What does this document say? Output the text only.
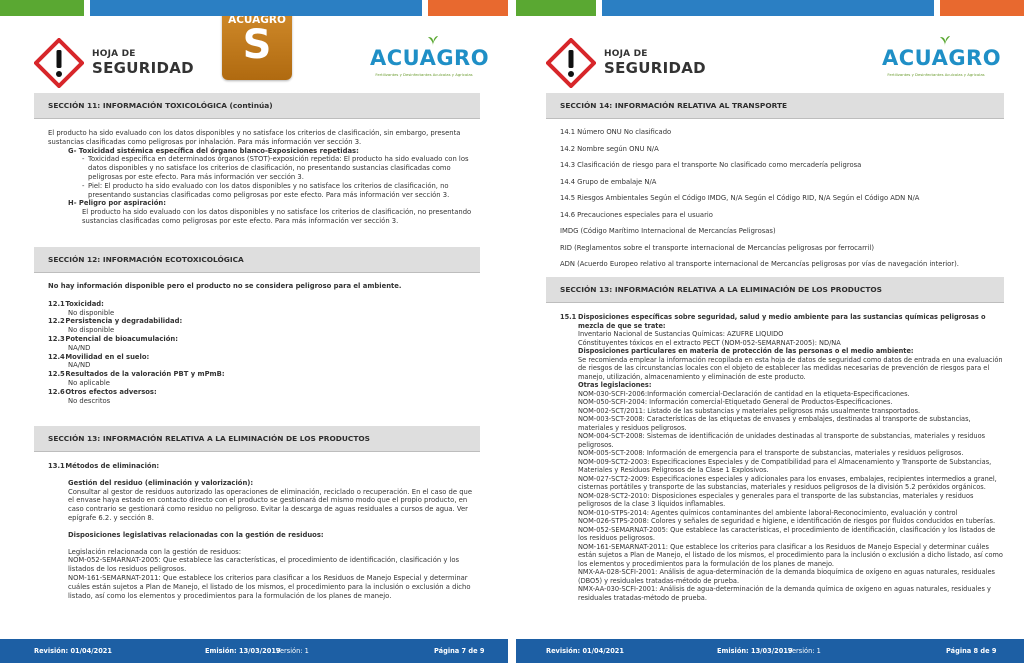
HOJA DE
SEGURIDAD
ACUAGRO
S	ACUAGRO
Fertilizantes y Desinfectantes Acuícolas y Agrícolas
SECCIÓN 11: INFORMACIÓN TOXICOLÓGICA (continúa)

El producto ha sido evaluado con los datos disponibles y no satisface los criterios de clasificación, sin embargo, presenta sustancias clasificadas como peligrosas por inhalación. Para más información ver sección 3.

G- Toxicidad sistémica específica del órgano blanco-Exposiciones repetidas:

- Toxicidad específica en determinados órganos (STOT)-exposición repetida: El producto ha sido evaluado con los datos disponibles y no satisface los criterios de clasificación, no presentando sustancias clasificadas como peligrosas por este efecto. Para más información ver sección 3.

- Piel: El producto ha sido evaluado con los datos disponibles y no satisface los criterios de clasificación, no presentando sustancias clasificadas como peligrosas por este efecto. Para más información ver sección 3.

H- Peligro por aspiración:

El producto ha sido evaluado con los datos disponibles y no satisface los criterios de clasificación, no presentando sustancias clasificadas como peligrosas por este efecto. Para más información ver sección 3.

SECCIÓN 12: INFORMACIÓN ECOTOXICOLÓGICA

No hay información disponible pero el producto no se considera peligroso para el ambiente.

12.1 Toxicidad:

No disponible

12.2 Persistencia y degradabilidad:

No disponible

12.3 Potencial de bioacumulación:

NA/ND

12.4 Movilidad en el suelo:

NA/ND

12.5 Resultados de la valoración PBT y mPmB:

No aplicable

12.6 Otros efectos adversos:

No descritos

SECCIÓN 13: INFORMACIÓN RELATIVA A LA ELIMINACIÓN DE LOS PRODUCTOS

13.1 Métodos de eliminación:

Gestión del residuo (eliminación y valorización):

Consultar al gestor de residuos autorizado las operaciones de eliminación, reciclado o recuperación. En el caso de que el envase haya estado en contacto directo con el producto se gestionará del mismo modo que el propio producto, en caso contrario se gestionará como residuo no peligroso. Evitar la descarga de aguas residuales a cursos de agua. Ver epígrafe 6.2. y sección 8.

Disposiciones legislativas relacionadas con la gestión de residuos:

Legislación relacionada con la gestión de residuos:

NOM-052-SEMARNAT-2005: Que establece las características, el procedimiento de identificación, clasificación y los listados de los residuos peligrosos.

NOM-161-SEMARNAT-2011: Que establece los criterios para clasificar a los Residuos de Manejo Especial y determinar cuáles están sujetos a Plan de Manejo, el listado de los mismos, el procedimiento para la inclusión o exclusión a dicho listado, así como los elementos y procedimientos para la formulación de los planes de manejo.

HOJA DE
SEGURIDAD	ACUAGRO
Fertilizantes y Desinfectantes Acuícolas y Agrícolas
SECCIÓN 14: INFORMACIÓN RELATIVA AL TRANSPORTE

14.1 Número ONU No clasificado

14.2 Nombre según ONU N/A

14.3 Clasificación de riesgo para el transporte No clasificado como mercadería peligrosa

14.4 Grupo de embalaje N/A

14.5 Riesgos Ambientales Según el Código IMDG, N/A Según el Código RID, N/A Según el Código ADN N/A

14.6 Precauciones especiales para el usuario

IMDG (Código Marítimo Internacional de Mercancías Peligrosas)

RID (Reglamentos sobre el transporte internacional de Mercancías peligrosas por ferrocarril)

ADN (Acuerdo Europeo relativo al transporte internacional de Mercancías peligrosas por vías de navegación interior).

SECCIÓN 13: INFORMACIÓN RELATIVA A LA ELIMINACIÓN DE LOS PRODUCTOS
15.1 Disposiciones específicas sobre seguridad, salud y medio ambiente para las sustancias químicas peligrosas o mezcla de que se trate:

Inventario Nacional de Sustancias Químicas: AZUFRE LIQUIDO

Cónstituyentes tóxicos en el extracto PECT (NOM-052-SEMARNAT-2005): ND/NA

Disposiciones particulares en materia de protección de las personas o el medio ambiente:

Se recomienda emplear la información recopilada en esta hoja de datos de seguridad como datos de entrada en una evaluación de riesgos de las circunstancias locales con el objeto de establecer las medidas necesarias de prevención de riesgos para el manejo, utilización, almacenamiento y eliminación de este producto.

Otras legislaciones:

NOM-030-SCFI-2006:Información comercial-Declaración de cantidad en la etiqueta-Especificaciones.

NOM-050-SCFI-2004: Información comercial-Etiquetado General de Productos-Especificaciones.

NOM-002-SCT/2011: Listado de las substancias y materiales peligrosos más usualmente transportados.

NOM-003-SCT-2008: Características de las etiquetas de envases y embalajes, destinadas al transporte de substancias, materiales y residuos peligrosos.

NOM-004-SCT-2008: Sistemas de identificación de unidades destinadas al transporte de substancias, materiales y residuos peligrosos.

NOM-005-SCT-2008: Información de emergencia para el transporte de substancias, materiales y residuos peligrosos.

NOM-009-SCT2-2003: Especificaciones Especiales y de Compatibilidad para el Almacenamiento y Transporte de Substancias, Materiales y Residuos Peligrosos de la Clase 1 Explosivos.

NOM-027-SCT2-2009: Especificaciones especiales y adicionales para los envases, embalajes, recipientes intermedios a granel, cisternas portátiles y transporte de las substancias, materiales y residuos peligrosos de la división 5.2 peróxidos orgánicos.

NOM-028-SCT2-2010: Disposiciones especiales y generales para el transporte de las substancias, materiales y residuos peligrosos de la clase 3 líquidos inflamables.

NOM-010-STPS-2014: Agentes químicos contaminantes del ambiente laboral-Reconocimiento, evaluación y control

NOM-026-STPS-2008: Colores y señales de seguridad e higiene, e identificación de riesgos por fluidos conducidos en tuberías.

NOM-052-SEMARNAT-2005: Que establece las características, el procedimiento de identificación, clasificación y los listados de los residuos peligrosos.

NOM-161-SEMARNAT-2011: Que establece los criterios para clasificar a los Residuos de Manejo Especial y determinar cuáles están sujetos a Plan de Manejo, el listado de los mismos, el procedimiento para la inclusión o exclusión a dicho listado, así como los elementos y procedimientos para la formulación de los planes de manejo.

NMX-AA-028-SCFI-2001: Análisis de agua-determinación de la demanda bioquímica de oxígeno en aguas naturales, residuales (DBO5) y residuales tratadas-método de prueba.

NMX-AA-030-SCFI-2001: Análisis de agua-determinación de la demanda química de oxígeno en aguas naturales, residuales y residuales tratadas-método de prueba.

Revisión: 01/04/2021	Emisión: 13/03/2019
Versión: 1	Página 7 de 9	Revisión: 01/04/2021	Emisión: 13/03/2019
Versión: 1	Página 8 de 9
